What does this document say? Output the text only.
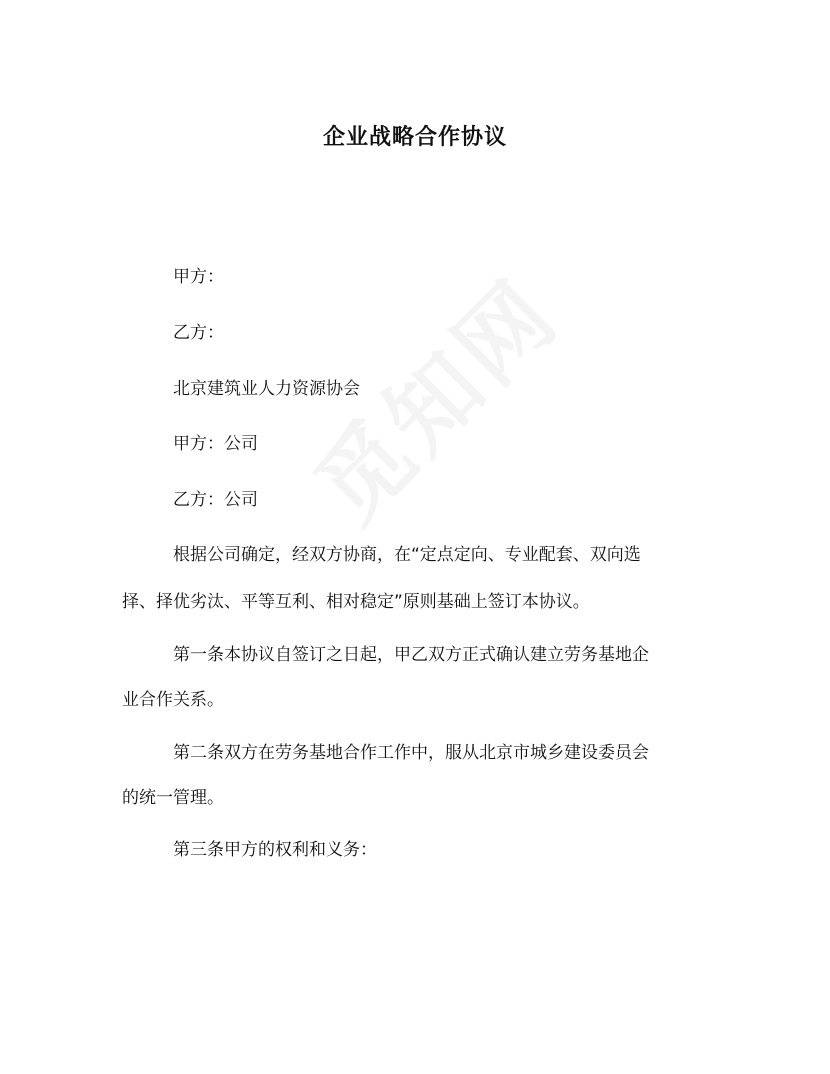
企业战略合作协议
甲方：
乙方：
北京建筑业人力资源协会
甲方：公司
乙方：公司
根据公司确定，经双方协商，在“定点定向、专业配套、双向选
择、择优劣汰、平等互利、相对稳定”原则基础上签订本协议。
第一条本协议自签订之日起，甲乙双方正式确认建立劳务基地企
业合作关系。
第二条双方在劳务基地合作工作中，服从北京市城乡建设委员会
的统一管理。
第三条甲方的权利和义务：
